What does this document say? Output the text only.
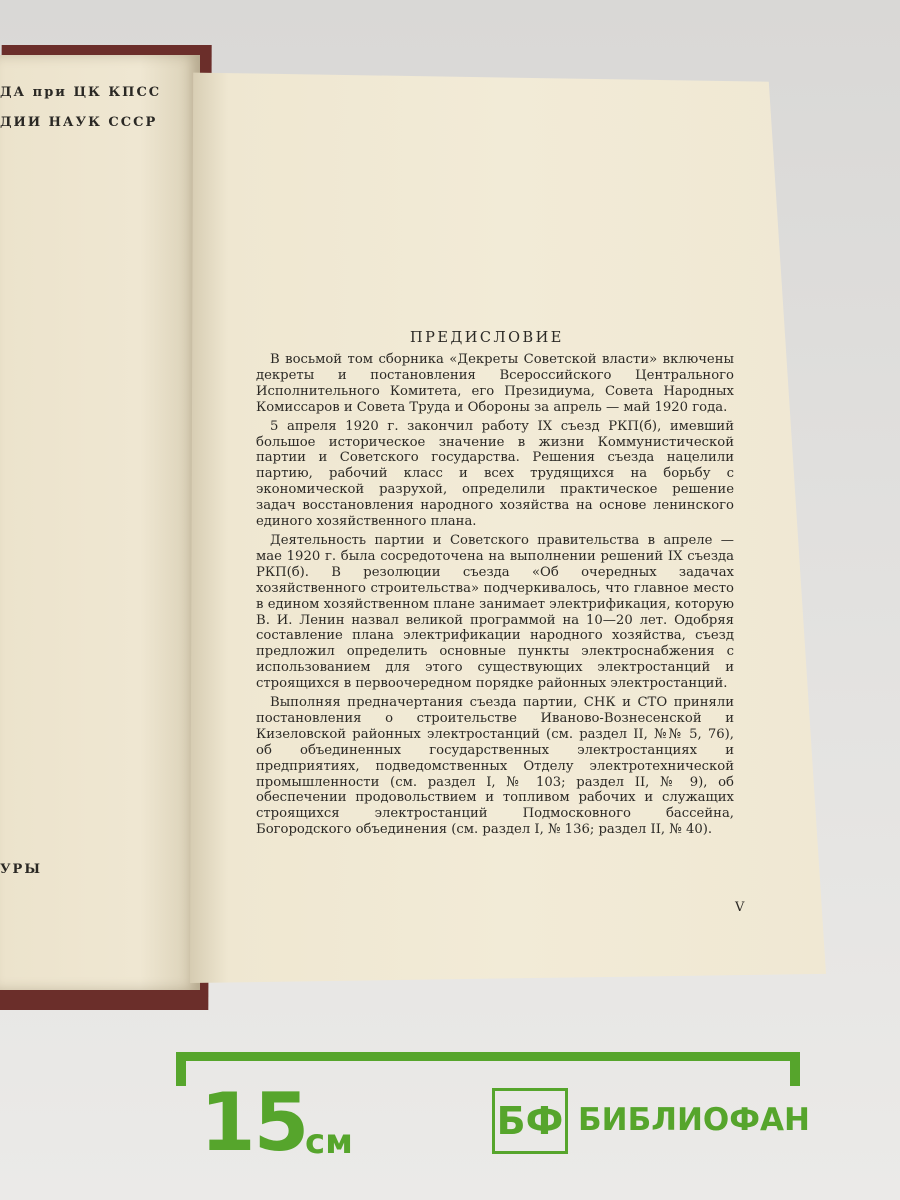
ДА при ЦК КПСС
ДИИ НАУК СССР
УРЫ
ПРЕДИСЛОВИЕ

В восьмой том сборника «Декреты Советской власти» включены декреты и постановления Всероссийского Центрального Исполнительного Комитета, его Президиума, Совета Народных Комиссаров и Совета Труда и Обороны за апрель — май 1920 года.

5 апреля 1920 г. закончил работу IX съезд РКП(б), имевший большое историческое значение в жизни Коммунистической партии и Советского государства. Решения съезда нацелили партию, рабочий класс и всех трудящихся на борьбу с экономической разрухой, определили практическое решение задач восстановления народного хозяйства на основе ленинского единого хозяйственного плана.

Деятельность партии и Советского правительства в апреле — мае 1920 г. была сосредоточена на выполнении решений IX съезда РКП(б). В резолюции съезда «Об очередных задачах хозяйственного строительства» подчеркивалось, что главное место в едином хозяйственном плане занимает электрификация, которую В. И. Ленин назвал великой программой на 10—20 лет. Одобряя составление плана электрификации народного хозяйства, съезд предложил определить основные пункты электроснабжения с использованием для этого существующих электростанций и строящихся в первоочередном порядке районных электростанций.

Выполняя предначертания съезда партии, СНК и СТО приняли постановления о строительстве Иваново-Вознесенской и Кизеловской районных электростанций (см. раздел II, №№ 5, 76), об объединенных государственных электростанциях и предприятиях, подведомственных Отделу электротехнической промышленности (см. раздел I, № 103; раздел II, № 9), об обеспечении продовольствием и топливом рабочих и служащих строящихся электростанций Подмосковного бассейна, Богородского объединения (см. раздел I, № 136; раздел II, № 40).

V
15
см	БФ БИБЛИОФАН
